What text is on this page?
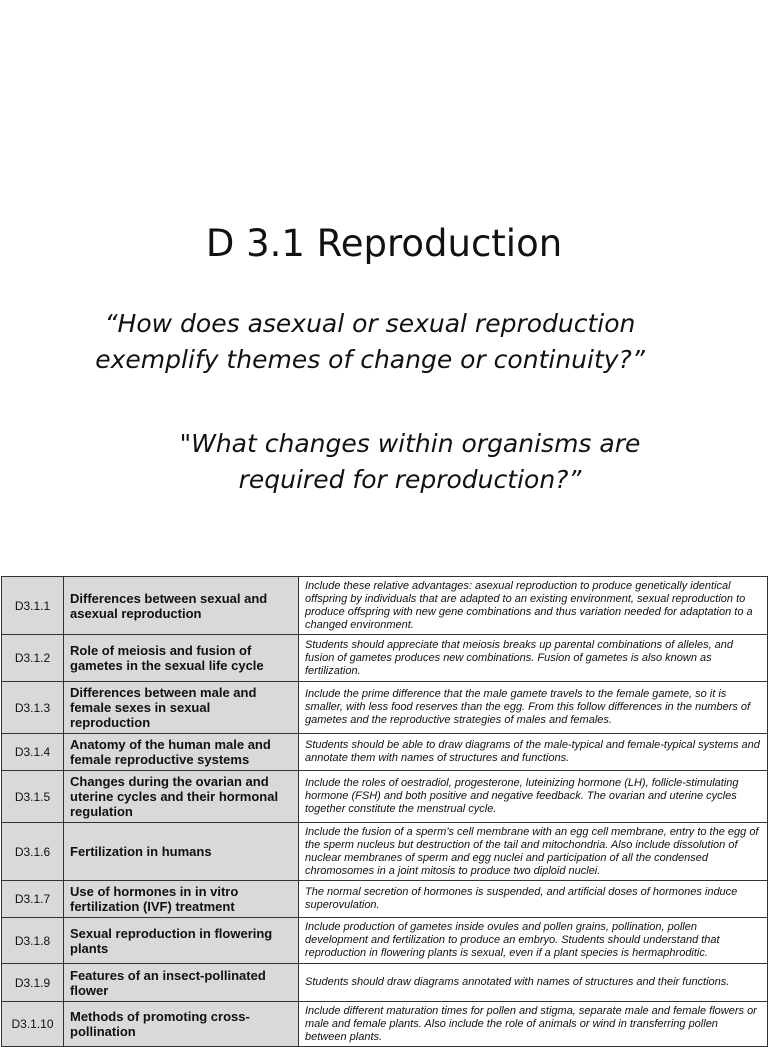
D 3.1 Reproduction

“How does asexual or sexual reproduction exemplify themes of change or continuity?”

"What changes within organisms are required for reproduction?”

D3.1.1	Differences between sexual and asexual reproduction	Include these relative advantages: asexual reproduction to produce genetically identical offspring by individuals that are adapted to an existing environment, sexual reproduction to produce offspring with new gene combinations and thus variation needed for adaptation to a changed environment.
D3.1.2	Role of meiosis and fusion of gametes in the sexual life cycle	Students should appreciate that meiosis breaks up parental combinations of alleles, and fusion of gametes produces new combinations. Fusion of gametes is also known as fertilization.
D3.1.3	Differences between male and female sexes in sexual reproduction	Include the prime difference that the male gamete travels to the female gamete, so it is smaller, with less food reserves than the egg. From this follow differences in the numbers of gametes and the reproductive strategies of males and females.
D3.1.4	Anatomy of the human male and female reproductive systems	Students should be able to draw diagrams of the male-typical and female-typical systems and annotate them with names of structures and functions.
D3.1.5	Changes during the ovarian and uterine cycles and their hormonal regulation	Include the roles of oestradiol, progesterone, luteinizing hormone (LH), follicle-stimulating hormone (FSH) and both positive and negative feedback. The ovarian and uterine cycles together constitute the menstrual cycle.
D3.1.6	Fertilization in humans	Include the fusion of a sperm’s cell membrane with an egg cell membrane, entry to the egg of the sperm nucleus but destruction of the tail and mitochondria. Also include dissolution of nuclear membranes of sperm and egg nuclei and participation of all the condensed chromosomes in a joint mitosis to produce two diploid nuclei.
D3.1.7	Use of hormones in in vitro fertilization (IVF) treatment	The normal secretion of hormones is suspended, and artificial doses of hormones induce superovulation.
D3.1.8	Sexual reproduction in flowering plants	Include production of gametes inside ovules and pollen grains, pollination, pollen development and fertilization to produce an embryo. Students should understand that reproduction in flowering plants is sexual, even if a plant species is hermaphroditic.
D3.1.9	Features of an insect-pollinated flower	Students should draw diagrams annotated with names of structures and their functions.
D3.1.10	Methods of promoting cross-pollination	Include different maturation times for pollen and stigma, separate male and female flowers or male and female plants. Also include the role of animals or wind in transferring pollen between plants.
